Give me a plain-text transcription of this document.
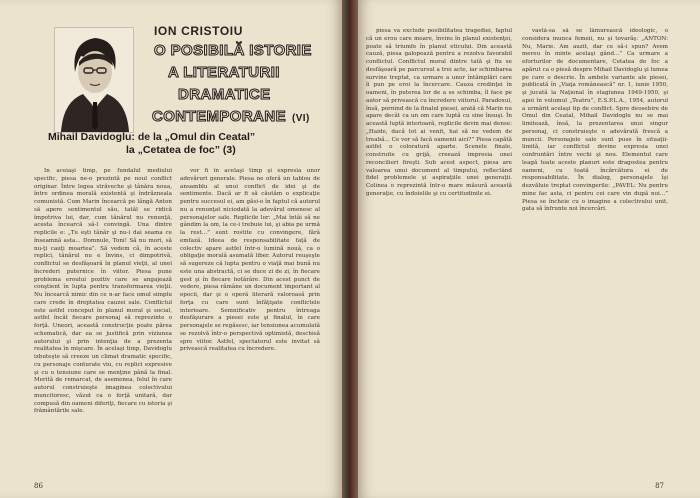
ION CRISTOIU
O POSIBILĂ ISTORIE
A LITERATURII
DRAMATICE
CONTEMPORANE (VI)
Mihail Davidoglu: de la „Omul din Ceatal”
la „Cetatea de foc” (3)

În aceiaşi timp, pe fundalul mediului specific, piesa ne-o prezintă pe noul conflict originar. Între legea străveche şi tânăra noua, între ordinea morală existentă şi îndrăzneala comunistă. Cum Marin încearcă pe lângă Anton să apere sentimentul său, tatăl se ridică împotriva lui, dar, cum tânărul nu renunţă, acesta încearcă să-l convingă. Una dintre replicile e: „Tu eşti tânăr şi nu-i dai seama ce înseamnă asta... Domnule, Toni! Să nu mori, să nu-ţi cauţi moartea”. Să vedem că, în aceste replici, tânărul nu e învins, ci dimpotrivă, conflictul se desfăşoară în planul vieţii, al unei încrederi puternice în viitor. Piesa pune problema eroului pozitiv care se angajează conştient în lupta pentru transformarea vieţii. Nu încearcă nimic din ce n-ar face omul simplu care crede în dreptatea cauzei sale. Conflictul este astfel conceput în planul moral şi social, astfel încât fiecare personaj să reprezinte o forţă. Uneori, această construcţie poate părea schematică, dar ea se justifică prin viziunea autorului şi prin intenţia de a prezenta realitatea în mişcare. În acelaşi timp, Davidoglu izbuteşte să creeze un climat dramatic specific, cu personaje conturate viu, cu replici expresive şi cu o tensiune care se menţine până la final. Merită de remarcat, de asemenea, felul în care autorul construieşte imaginea colectivului muncitoresc, văzut ca o forţă unitară, dar compusă din oameni diferiţi, fiecare cu istoria şi frământările sale.

vor fi în acelaşi timp şi expresia unor adevăruri generale. Piesa ne oferă un tablou de ansamblu al unui conflict de idei şi de sentimente. Dacă ar fi să căutăm o explicaţie pentru succesul ei, am găsi-o în faptul că autorul nu a renunţat niciodată la adevărul omenesc al personajelor sale. Replicile lor: „Mai întâi să ne gândim la om, la ce-i trebuie lui, şi abia pe urmă la rest...” sunt rostite cu convingere, fără emfază. Ideea de responsabilitate faţă de colectiv apare astfel într-o lumină nouă, ca o obligaţie morală asumată liber. Autorul reuşeşte să sugereze că lupta pentru o viaţă mai bună nu este una abstractă, ci se duce zi de zi, în fiecare gest şi în fiecare hotărâre. Din acest punct de vedere, piesa rămâne un document important al epocii, dar şi o operă literară valoroasă prin forţa cu care sunt înfăţişate conflictele interioare. Semnificativ pentru întreaga desfăşurare a piesei este şi finalul, în care personajele se regăsesc, iar tensiunea acumulată se rezolvă într-o perspectivă optimistă, deschisă spre viitor. Astfel, spectatorul este invitat să privească realitatea cu încredere.

86

piesa va exclude posibilitatea tragediei, faptul că un erou care moare, învins în planul existenţei, poate să triumfe în planul eticului. Din această cauză, piesa galopează pentru a rezolva favorabil conflictul. Conflictul moral dintre tată şi fiu se desfăşoară pe parcursul a trei acte, iar schimbarea survine treptat, ca urmare a unor întâmplări care îi pun pe eroi la încercare. Cauza credinţei în oameni, în puterea lor de a se schimba, îl face pe autor să privească cu încredere viitorul. Paradoxul, însă, pornind de la finalul piesei, arată că Marin nu apare decât ca un om care luptă cu sine însuşi. În această luptă interioară, replicile devin mai dense: „Haide, dacă tot ai venit, hai să ne vedem de treabă... Ce vor să facă oamenii aici?” Piesa capătă astfel o coloratură aparte. Scenele finale, construite cu grijă, creează impresia unei reconcilieri fireşti. Sub acest aspect, piesa are valoarea unui document al timpului, reflectând fidel problemele şi aspiraţiile unei generaţii. Colinea o reprezintă într-o mare măsură această generaţie, cu îndoielile şi cu certitudinile ei.

vastă-sa să se lămurească ideologic, o considera munca femeii, nu şi tovarăş: „ANTON: Nu, Marie. Am auzit, dar ce să-i spun? Avem mereu în minte acelaşi gând...” Ca urmare a eforturilor de documentare, Cetatea de foc a apărut ca o piesă despre Mihail Davidoglu şi lumea pe care o descrie. În ambele variante ale piesei, publicată în „Viaţa românească” nr. 1, iunie 1950, şi jucată la Naţional în stagiunea 1949-1950, şi apoi în volumul „Teatru”, E.S.P.L.A., 1954, autorul a urmărit acelaşi tip de conflict. Spre deosebire de Omul din Ceatal, Mihail Davidoglu nu se mai limitează, însă, la prezentarea unui singur personaj, ci construieşte o adevărată frescă a muncii. Personajele sale sunt puse în situaţii-limită, iar conflictul devine expresia unei confruntări între vechi şi nou. Elementul care leagă toate aceste planuri este dragostea pentru oameni, cu toată încărcătura ei de responsabilitate. În dialog, personajele îşi dezvăluie treptat convingerile: „PAVEL: Nu pentru mine fac asta, ci pentru cei care vin după noi...” Piesa se încheie cu o imagine a colectivului unit, gata să înfrunte noi încercări.

87
